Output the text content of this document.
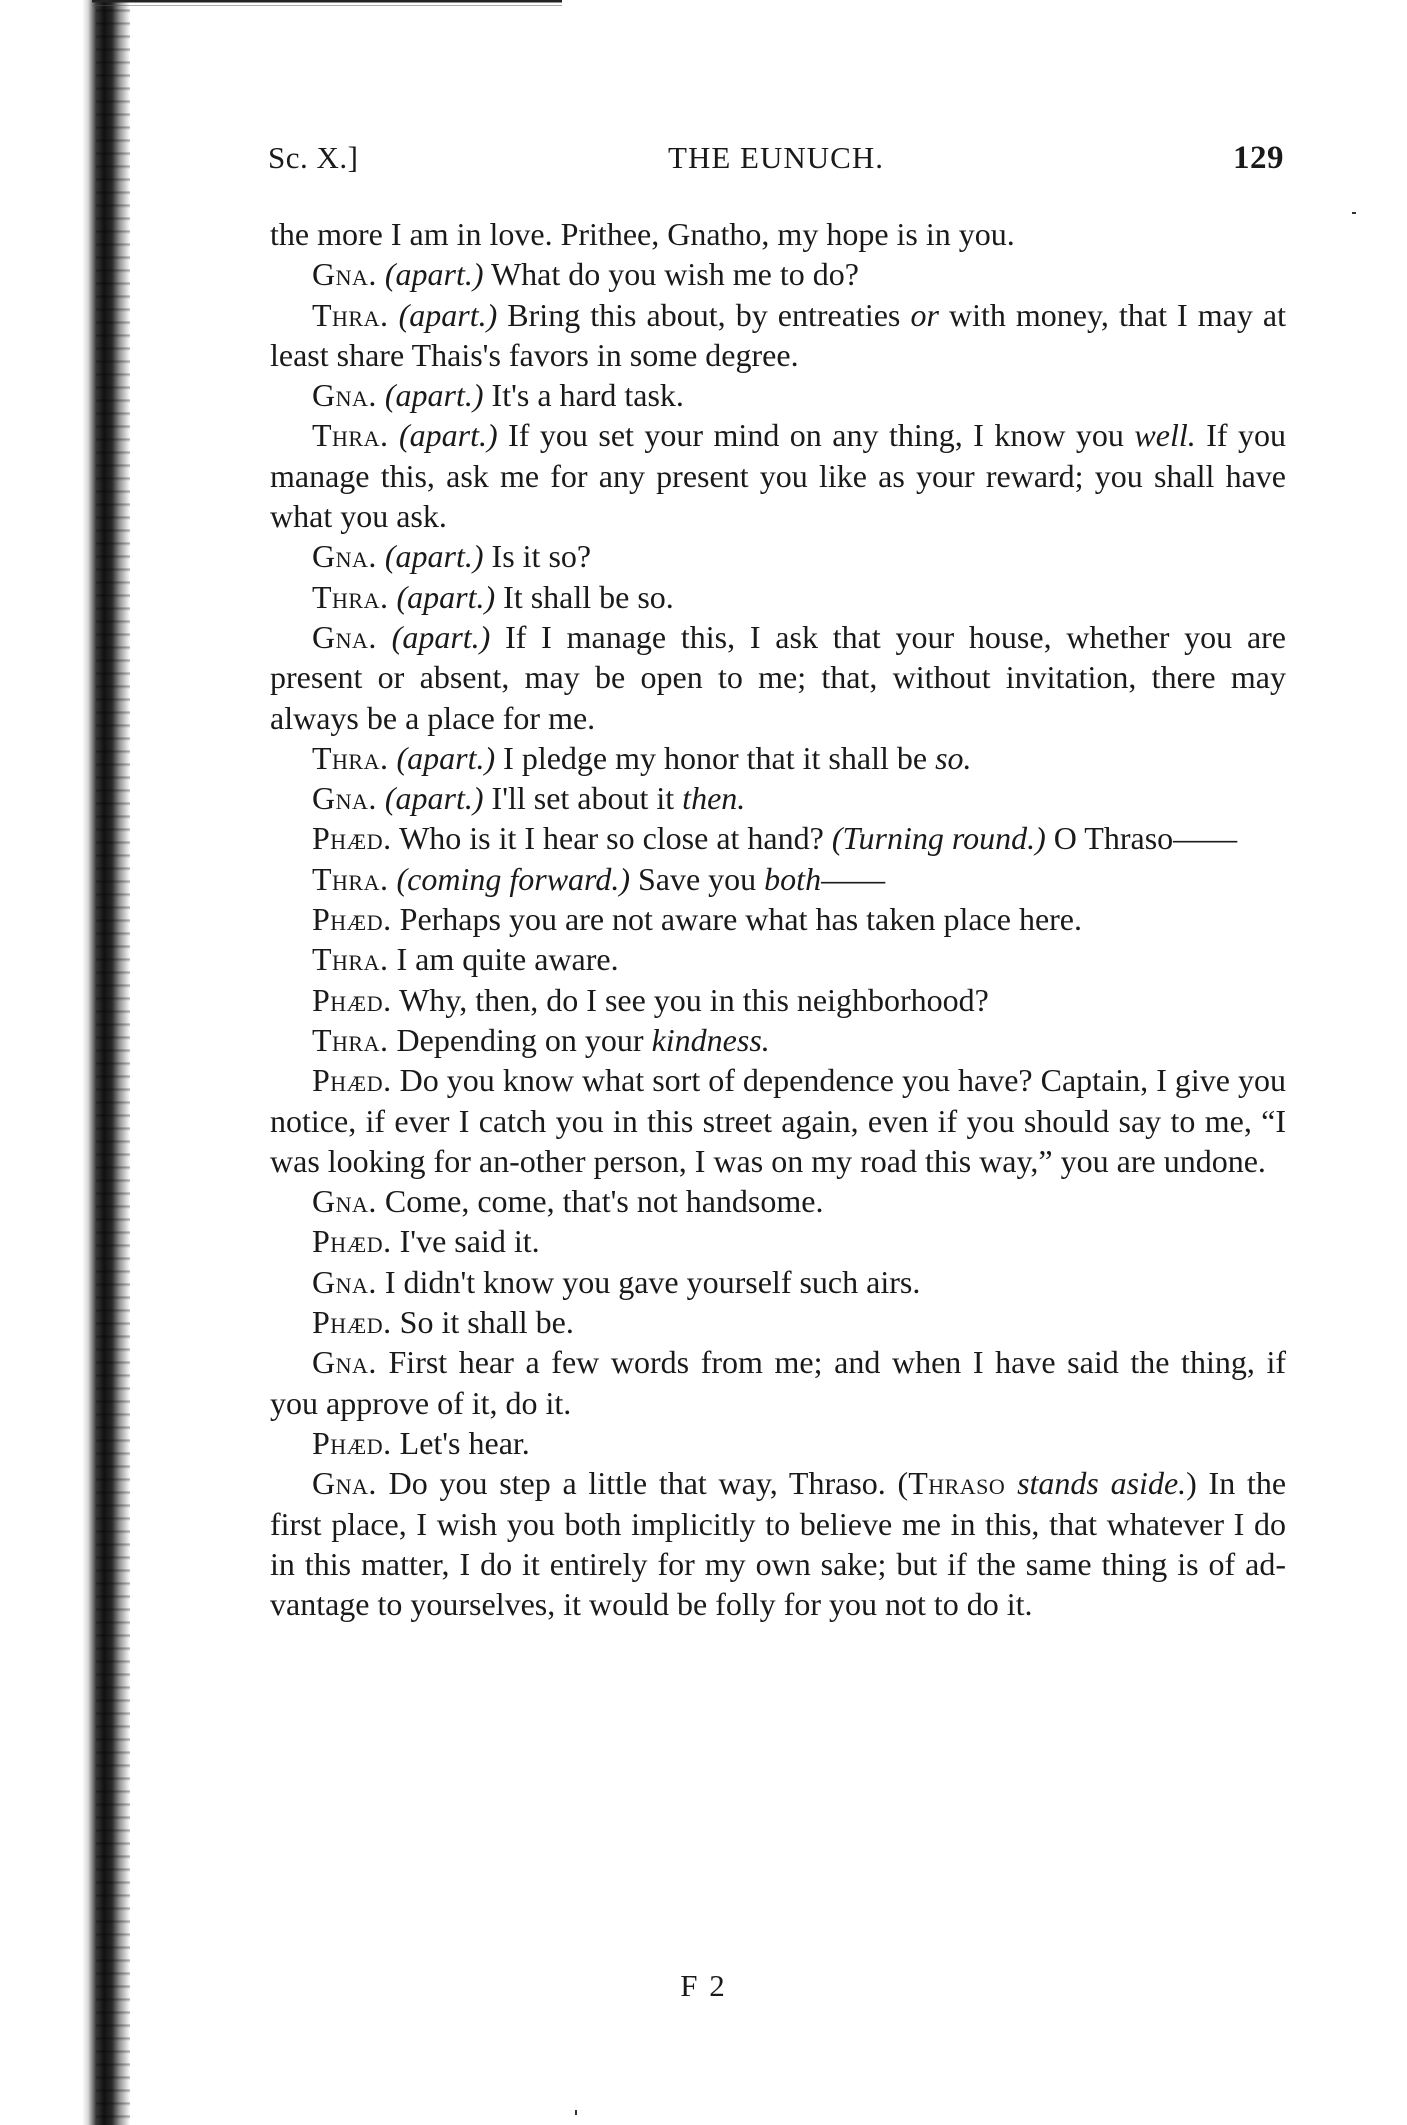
Sc. X.]	THE EUNUCH.	129

the more I am in love. Prithee, Gnatho, my hope is in you.

Gna. (apart.) What do you wish me to do?

Thra. (apart.) Bring this about, by entreaties or with money, that I may at least share Thais's favors in some degree.

Gna. (apart.) It's a hard task.

Thra. (apart.) If you set your mind on any thing, I know you well. If you manage this, ask me for any present you like as your reward; you shall have what you ask.

Gna. (apart.) Is it so?

Thra. (apart.) It shall be so.

Gna. (apart.) If I manage this, I ask that your house, whether you are present or absent, may be open to me; that, without invitation, there may always be a place for me.

Thra. (apart.) I pledge my honor that it shall be so.

Gna. (apart.) I'll set about it then.

Phæd. Who is it I hear so close at hand? (Turning round.) O Thraso——

Thra. (coming forward.) Save you both——

Phæd. Perhaps you are not aware what has taken place here.

Thra. I am quite aware.

Phæd. Why, then, do I see you in this neighborhood?

Thra. Depending on your kindness.

Phæd. Do you know what sort of dependence you have? Captain, I give you notice, if ever I catch you in this street again, even if you should say to me, “I was looking for an-other person, I was on my road this way,” you are undone.

Gna. Come, come, that's not handsome.

Phæd. I've said it.

Gna. I didn't know you gave yourself such airs.

Phæd. So it shall be.

Gna. First hear a few words from me; and when I have said the thing, if you approve of it, do it.

Phæd. Let's hear.

Gna. Do you step a little that way, Thraso. (Thraso stands aside.) In the first place, I wish you both implicitly to believe me in this, that whatever I do in this matter, I do it entirely for my own sake; but if the same thing is of ad-vantage to yourselves, it would be folly for you not to do it.

F 2
